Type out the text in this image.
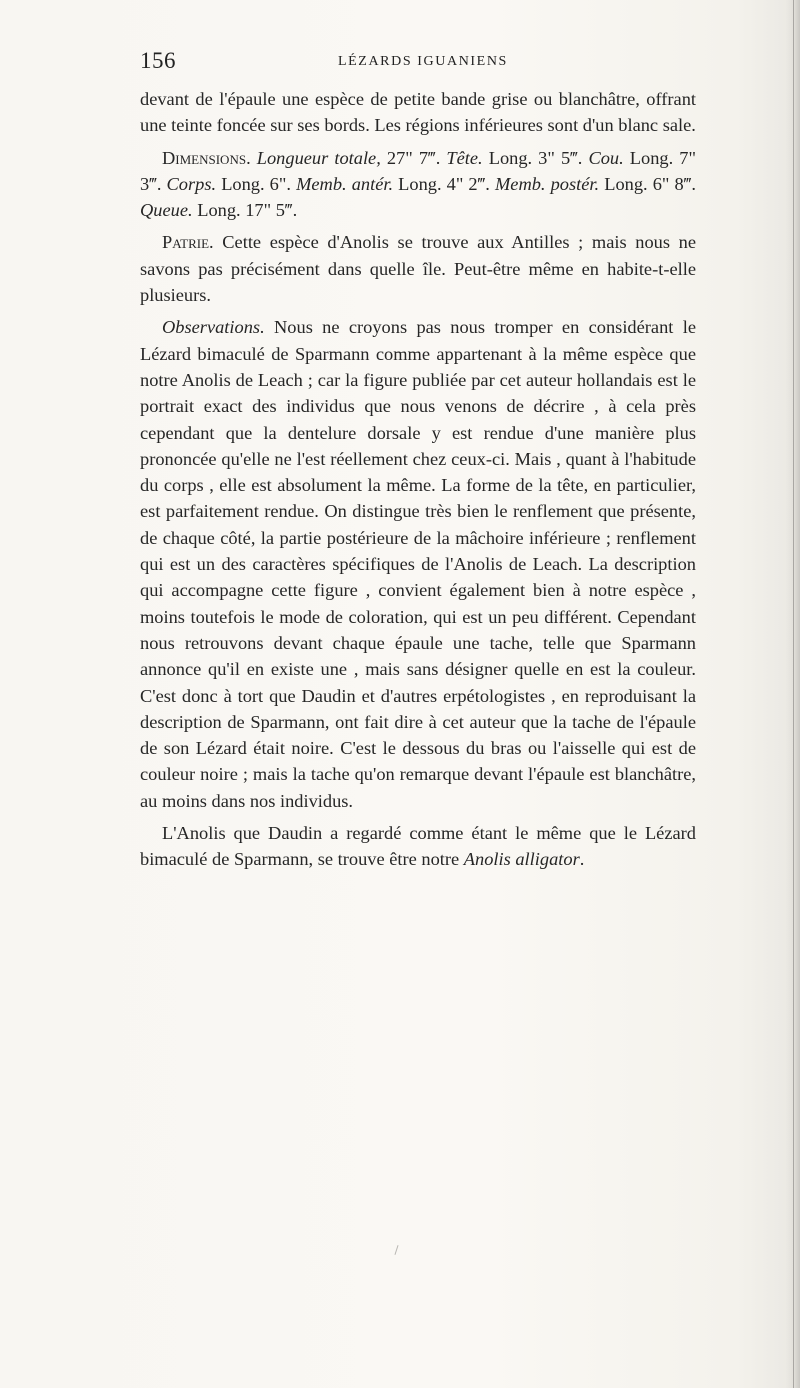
156	LÉZARDS IGUANIENS

devant de l'épaule une espèce de petite bande grise ou blanchâtre, offrant une teinte foncée sur ses bords. Les régions inférieures sont d'un blanc sale.

Dimensions. Longueur totale, 27" 7‴. Tête. Long. 3" 5‴. Cou. Long. 7" 3‴. Corps. Long. 6". Memb. antér. Long. 4" 2‴. Memb. postér. Long. 6" 8‴. Queue. Long. 17" 5‴.

Patrie. Cette espèce d'Anolis se trouve aux Antilles ; mais nous ne savons pas précisément dans quelle île. Peut-être même en habite-t-elle plusieurs.

Observations. Nous ne croyons pas nous tromper en considérant le Lézard bimaculé de Sparmann comme appartenant à la même espèce que notre Anolis de Leach ; car la figure publiée par cet auteur hollandais est le portrait exact des individus que nous venons de décrire , à cela près cependant que la dentelure dorsale y est rendue d'une manière plus prononcée qu'elle ne l'est réellement chez ceux-ci. Mais , quant à l'habitude du corps , elle est absolument la même. La forme de la tête, en particulier, est parfaitement rendue. On distingue très bien le renflement que présente, de chaque côté, la partie postérieure de la mâchoire inférieure ; renflement qui est un des caractères spécifiques de l'Anolis de Leach. La description qui accompagne cette figure , convient également bien à notre espèce , moins toutefois le mode de coloration, qui est un peu différent. Cependant nous retrouvons devant chaque épaule une tache, telle que Sparmann annonce qu'il en existe une , mais sans désigner quelle en est la couleur. C'est donc à tort que Daudin et d'autres erpétologistes , en reproduisant la description de Sparmann, ont fait dire à cet auteur que la tache de l'épaule de son Lézard était noire. C'est le dessous du bras ou l'aisselle qui est de couleur noire ; mais la tache qu'on remarque devant l'épaule est blanchâtre, au moins dans nos individus.

L'Anolis que Daudin a regardé comme étant le même que le Lézard bimaculé de Sparmann, se trouve être notre Anolis alligator.
